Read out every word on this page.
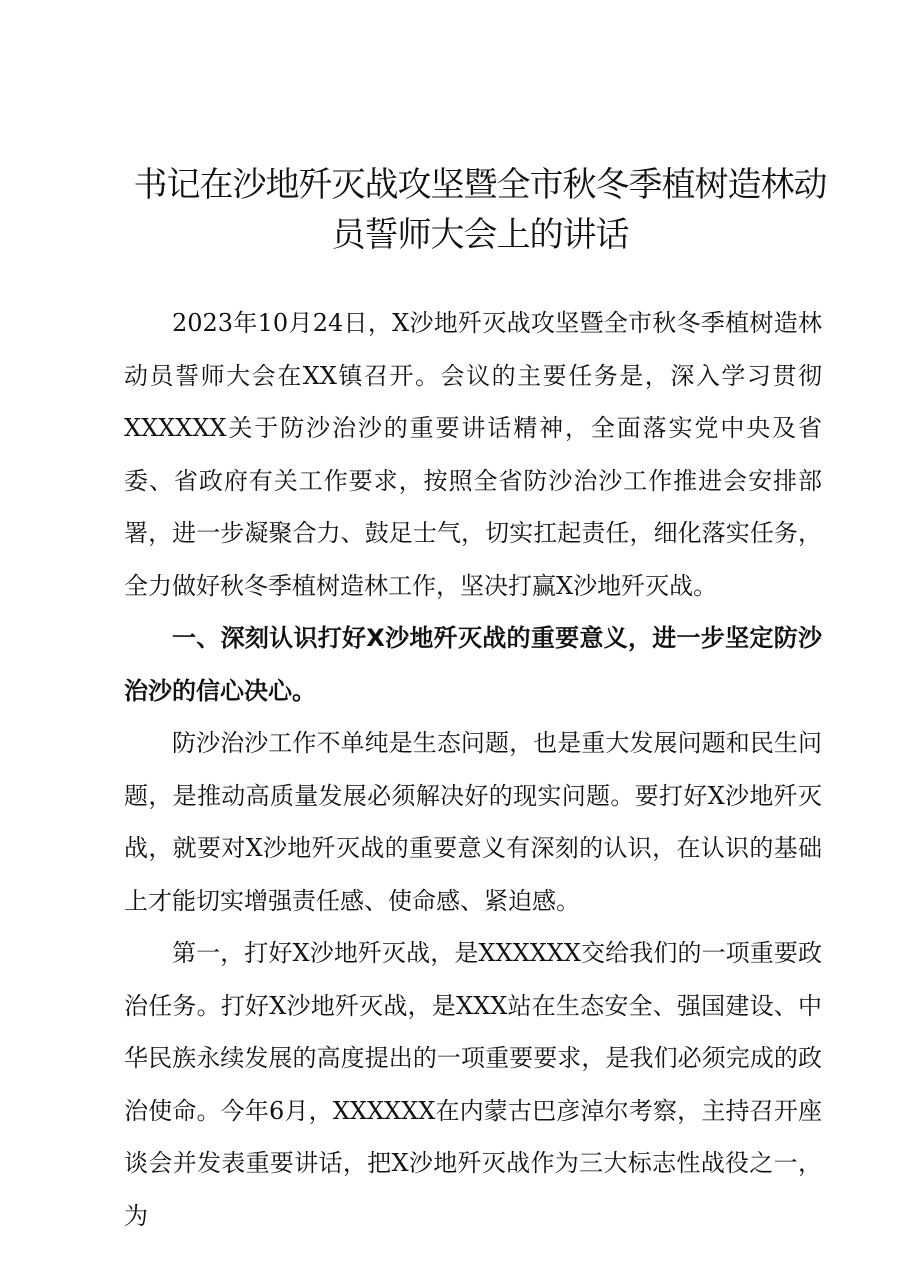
书记在沙地歼灭战攻坚暨全市秋冬季植树造林动
员誓师大会上的讲话

2023年10月24日，X沙地歼灭战攻坚暨全市秋冬季植树造林动员誓师大会在XX镇召开。会议的主要任务是，深入学习贯彻XXXXXX关于防沙治沙的重要讲话精神，全面落实党中央及省委、省政府有关工作要求，按照全省防沙治沙工作推进会安排部署，进一步凝聚合力、鼓足士气，切实扛起责任，细化落实任务，全力做好秋冬季植树造林工作，坚决打赢X沙地歼灭战。

一、深刻认识打好X沙地歼灭战的重要意义，进一步坚定防沙治沙的信心决心。

防沙治沙工作不单纯是生态问题，也是重大发展问题和民生问题，是推动高质量发展必须解决好的现实问题。要打好X沙地歼灭战，就要对X沙地歼灭战的重要意义有深刻的认识，在认识的基础上才能切实增强责任感、使命感、紧迫感。

第一，打好X沙地歼灭战，是XXXXXX交给我们的一项重要政治任务。打好X沙地歼灭战，是XXX站在生态安全、强国建设、中华民族永续发展的高度提出的一项重要要求，是我们必须完成的政治使命。今年6月，XXXXXX在内蒙古巴彦淖尔考察，主持召开座谈会并发表重要讲话，把X沙地歼灭战作为三大标志性战役之一，为
